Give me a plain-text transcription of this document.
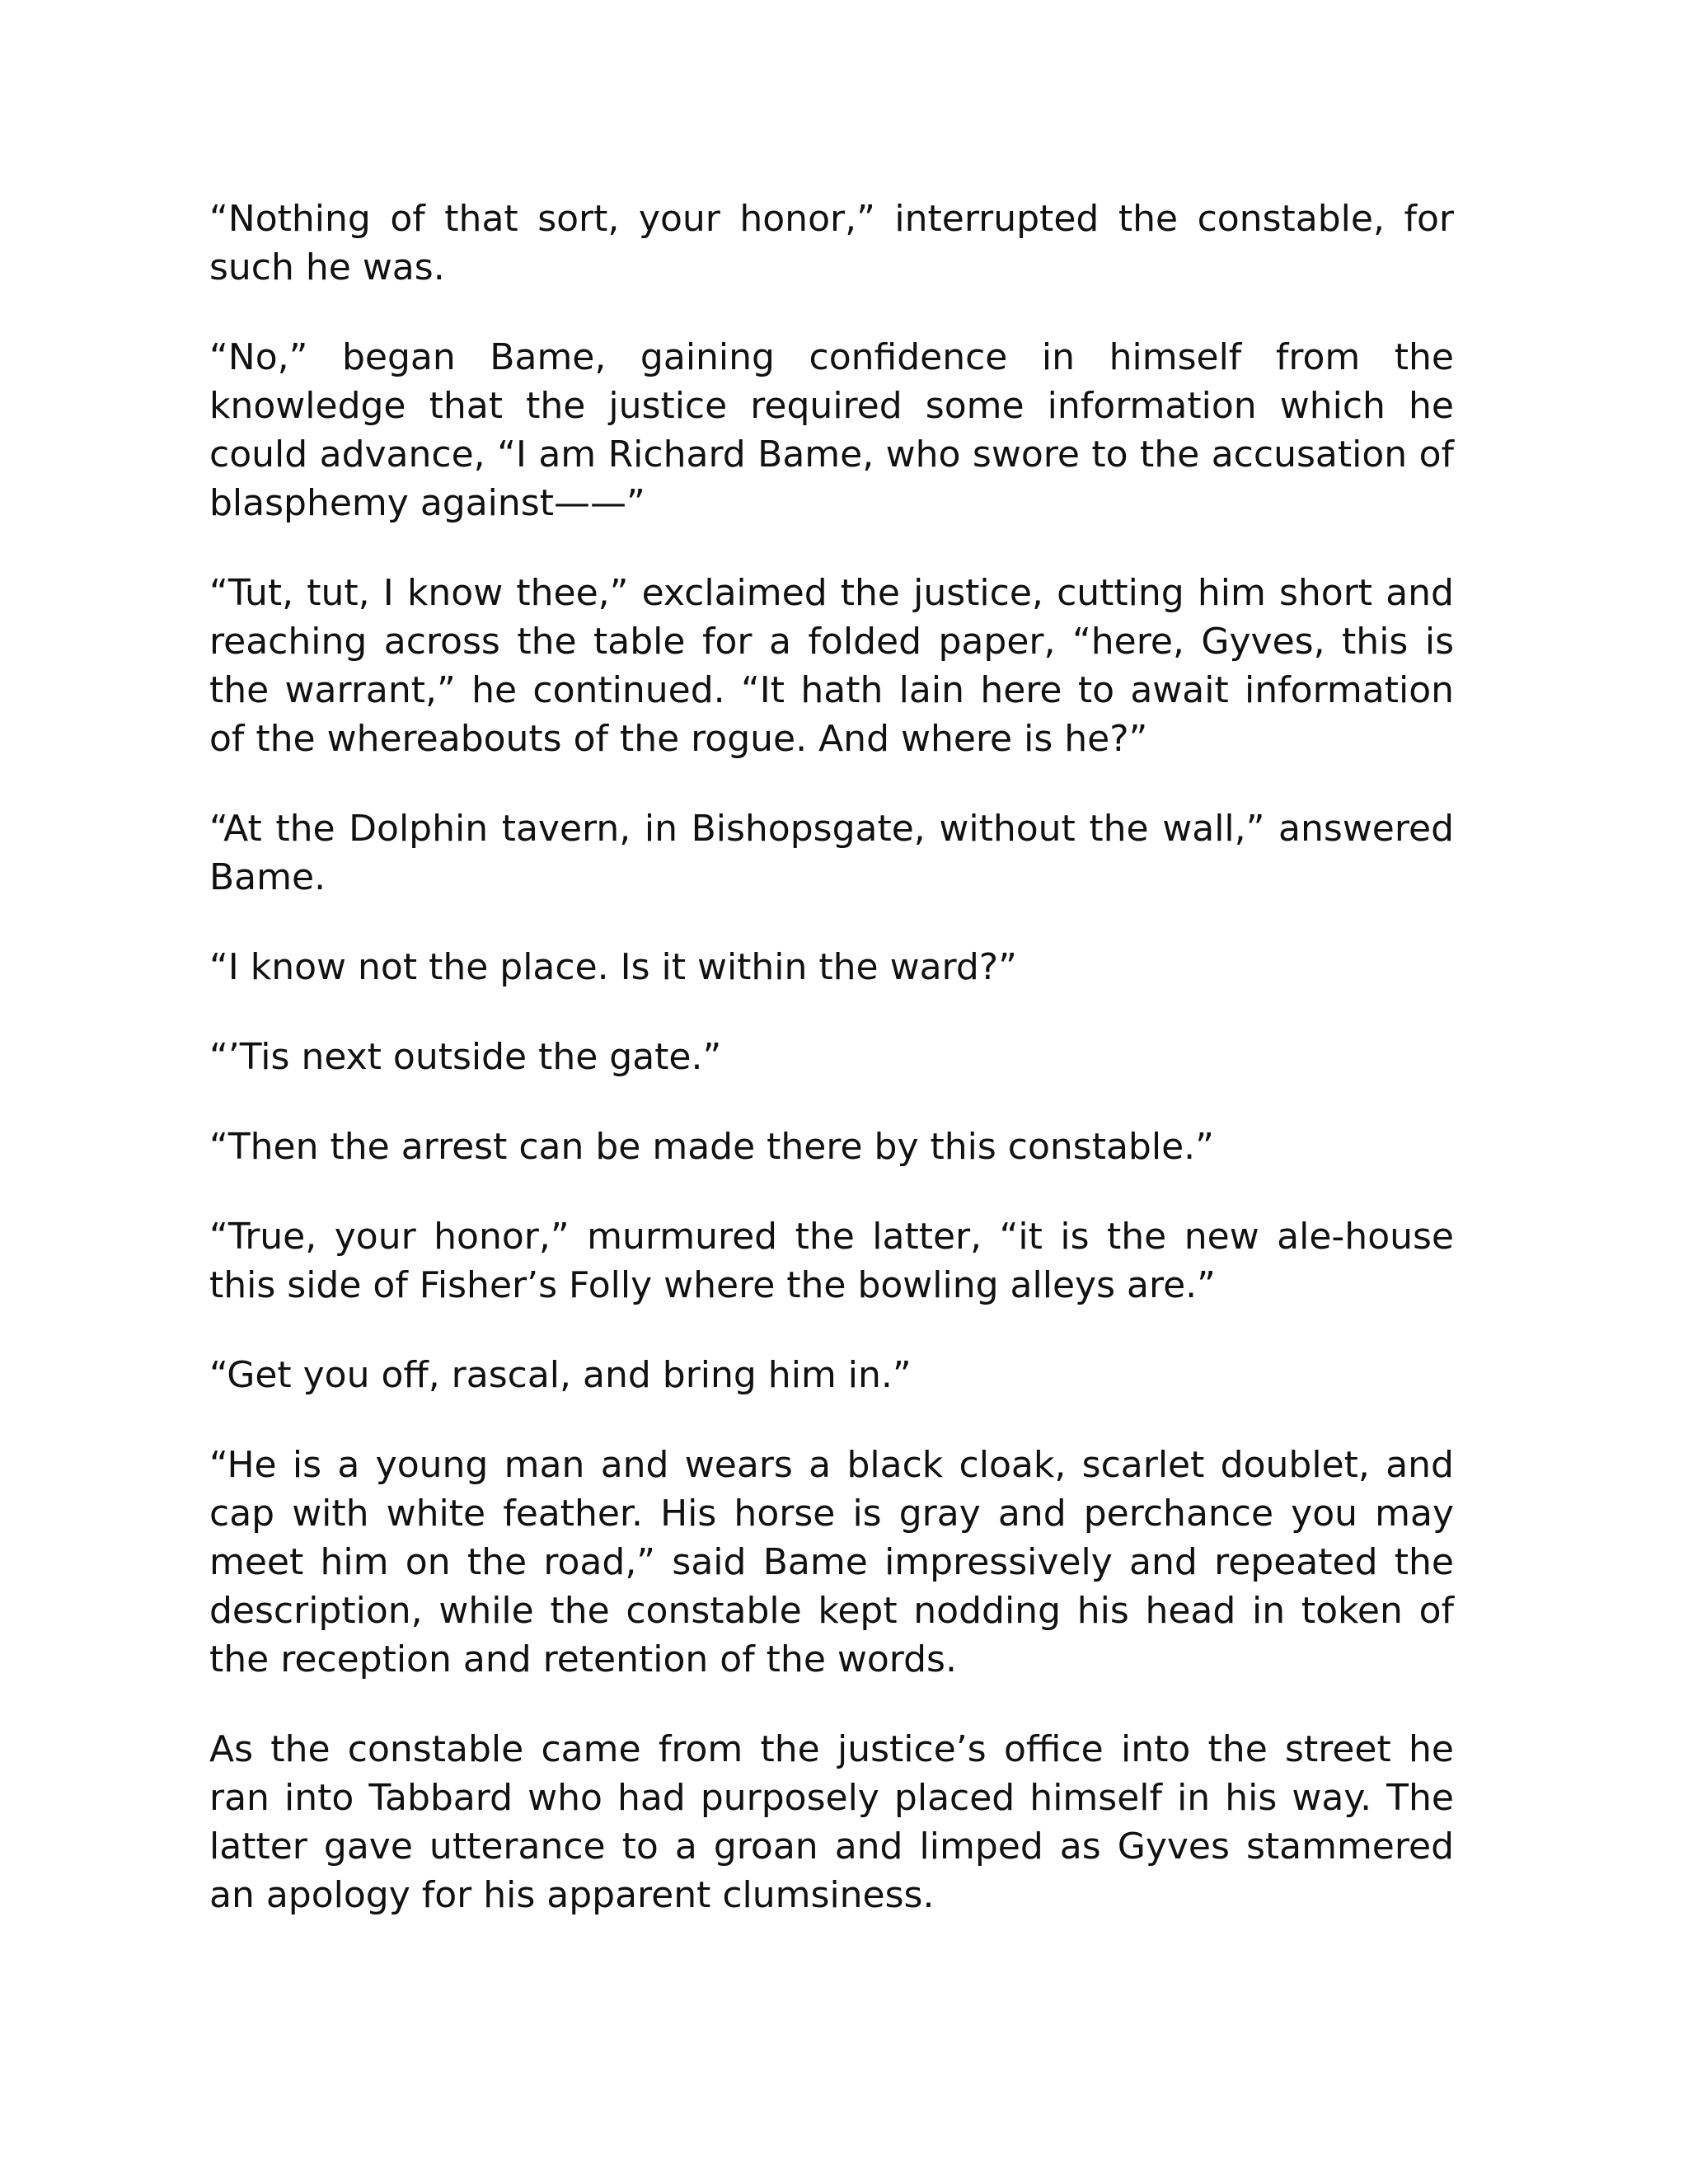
“Nothing of that sort, your honor,” interrupted the constable, for such he was.

“No,” began Bame, gaining confidence in himself from the knowledge that the justice required some information which he could advance, “I am Richard Bame, who swore to the accusation of blasphemy against——”

“Tut, tut, I know thee,” exclaimed the justice, cutting him short and reaching across the table for a folded paper, “here, Gyves, this is the warrant,” he continued. “It hath lain here to await information of the whereabouts of the rogue. And where is he?”

“At the Dolphin tavern, in Bishopsgate, without the wall,” answered Bame.

“I know not the place. Is it within the ward?”

“’Tis next outside the gate.”

“Then the arrest can be made there by this constable.”

“True, your honor,” murmured the latter, “it is the new ale-house this side of Fisher’s Folly where the bowling alleys are.”

“Get you off, rascal, and bring him in.”

“He is a young man and wears a black cloak, scarlet doublet, and cap with white feather. His horse is gray and perchance you may meet him on the road,” said Bame impressively and repeated the description, while the constable kept nodding his head in token of the reception and retention of the words.

As the constable came from the justice’s office into the street he ran into Tabbard who had purposely placed himself in his way. The latter gave utterance to a groan and limped as Gyves stammered an apology for his apparent clumsiness.
